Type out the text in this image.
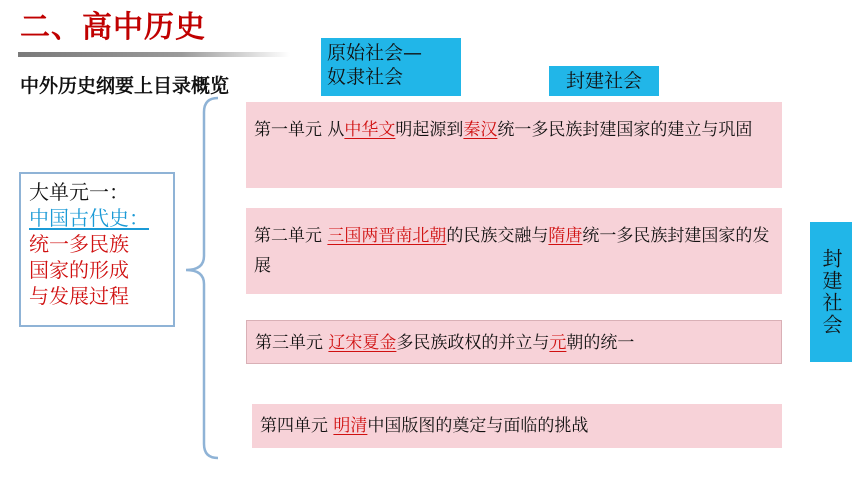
二、高中历史
中外历史纲要上目录概览
原始社会—
奴隶社会	封建社会
封建社会
大单元一：
中国古代史：
统一多民族
国家的形成
与发展过程
第一单元 从中华文明起源到秦汉统一多民族封建国家的建立与巩固
第二单元 三国两晋南北朝的民族交融与隋唐统一多民族封建国家的发展
第三单元 辽宋夏金多民族政权的并立与元朝的统一
第四单元 明清中国版图的奠定与面临的挑战
